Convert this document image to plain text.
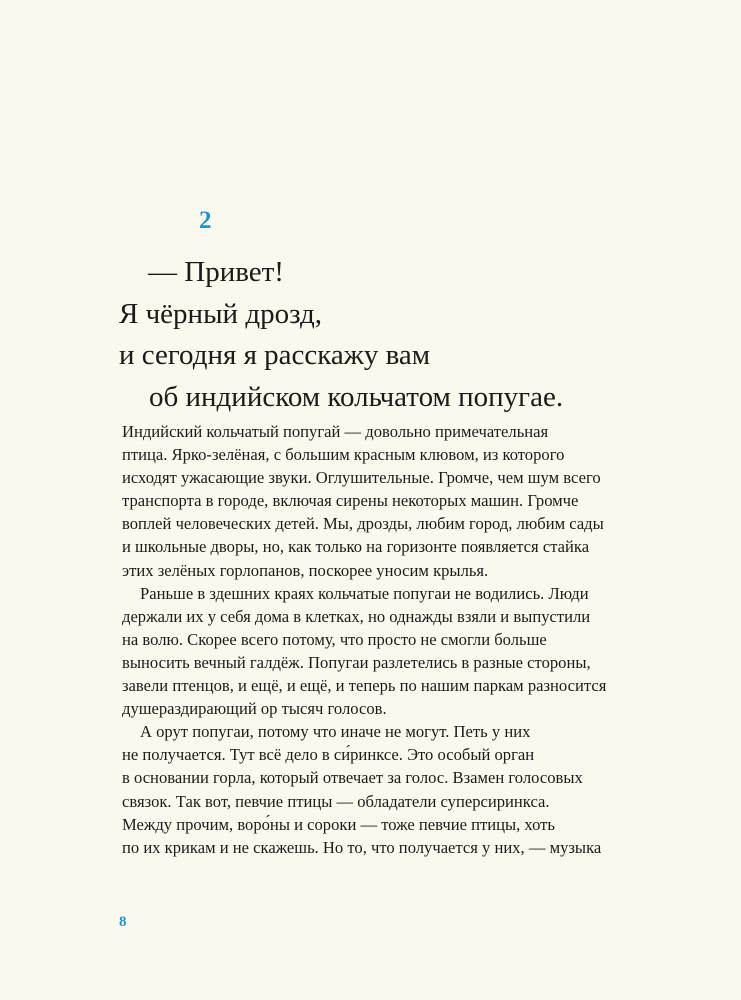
2
— Привет!
Я чёрный дрозд,
и сегодня я расскажу вам
об индийском кольчатом попугае.
Индийский кольчатый попугай — довольно примечательная
птица. Ярко-зелёная, с большим красным клювом, из которого
исходят ужасающие звуки. Оглушительные. Громче, чем шум всего
транспорта в городе, включая сирены некоторых машин. Громче
воплей человеческих детей. Мы, дрозды, любим город, любим сады
и школьные дворы, но, как только на горизонте появляется стайка
этих зелёных горлопанов, поскорее уносим крылья.
Раньше в здешних краях кольчатые попугаи не водились. Люди
держали их у себя дома в клетках, но однажды взяли и выпустили
на волю. Скорее всего потому, что просто не смогли больше
выносить вечный галдёж. Попугаи разлетелись в разные стороны,
завели птенцов, и ещё, и ещё, и теперь по нашим паркам разносится
душераздирающий ор тысяч голосов.
А орут попугаи, потому что иначе не могут. Петь у них
не получается. Тут всё дело в си́ринксе. Это особый орган
в основании горла, который отвечает за голос. Взамен голосовых
связок. Так вот, певчие птицы — обладатели суперсиринкса.
Между прочим, воро́ны и сороки — тоже певчие птицы, хоть
по их крикам и не скажешь. Но то, что получается у них, — музыка
8
